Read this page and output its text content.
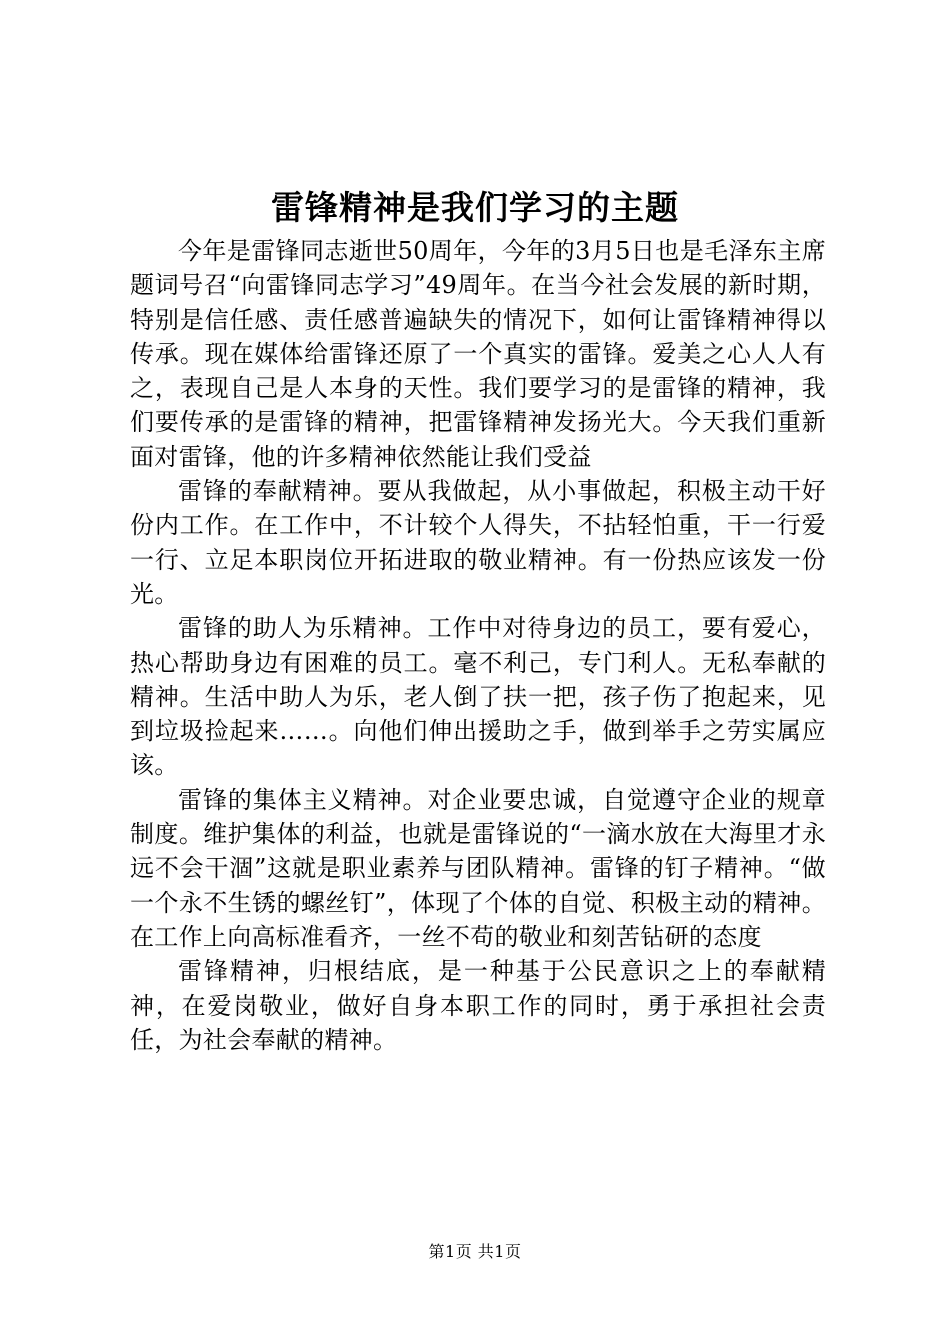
雷锋精神是我们学习的主题

今年是雷锋同志逝世50周年，今年的3月5日也是毛泽东主席题词号召“向雷锋同志学习”49周年。在当今社会发展的新时期，特别是信任感、责任感普遍缺失的情况下，如何让雷锋精神得以传承。现在媒体给雷锋还原了一个真实的雷锋。爱美之心人人有之，表现自己是人本身的天性。我们要学习的是雷锋的精神，我们要传承的是雷锋的精神，把雷锋精神发扬光大。今天我们重新面对雷锋，他的许多精神依然能让我们受益

雷锋的奉献精神。要从我做起，从小事做起，积极主动干好份内工作。在工作中，不计较个人得失，不拈轻怕重，干一行爱一行、立足本职岗位开拓进取的敬业精神。有一份热应该发一份光。

雷锋的助人为乐精神。工作中对待身边的员工，要有爱心，热心帮助身边有困难的员工。毫不利己，专门利人。无私奉献的精神。生活中助人为乐，老人倒了扶一把，孩子伤了抱起来，见到垃圾捡起来……。向他们伸出援助之手，做到举手之劳实属应该。

雷锋的集体主义精神。对企业要忠诚，自觉遵守企业的规章制度。维护集体的利益，也就是雷锋说的“一滴水放在大海里才永远不会干涸”这就是职业素养与团队精神。雷锋的钉子精神。“做一个永不生锈的螺丝钉”，体现了个体的自觉、积极主动的精神。在工作上向高标准看齐，一丝不苟的敬业和刻苦钻研的态度

雷锋精神，归根结底，是一种基于公民意识之上的奉献精神，在爱岗敬业，做好自身本职工作的同时，勇于承担社会责任，为社会奉献的精神。

第1页 共1页
